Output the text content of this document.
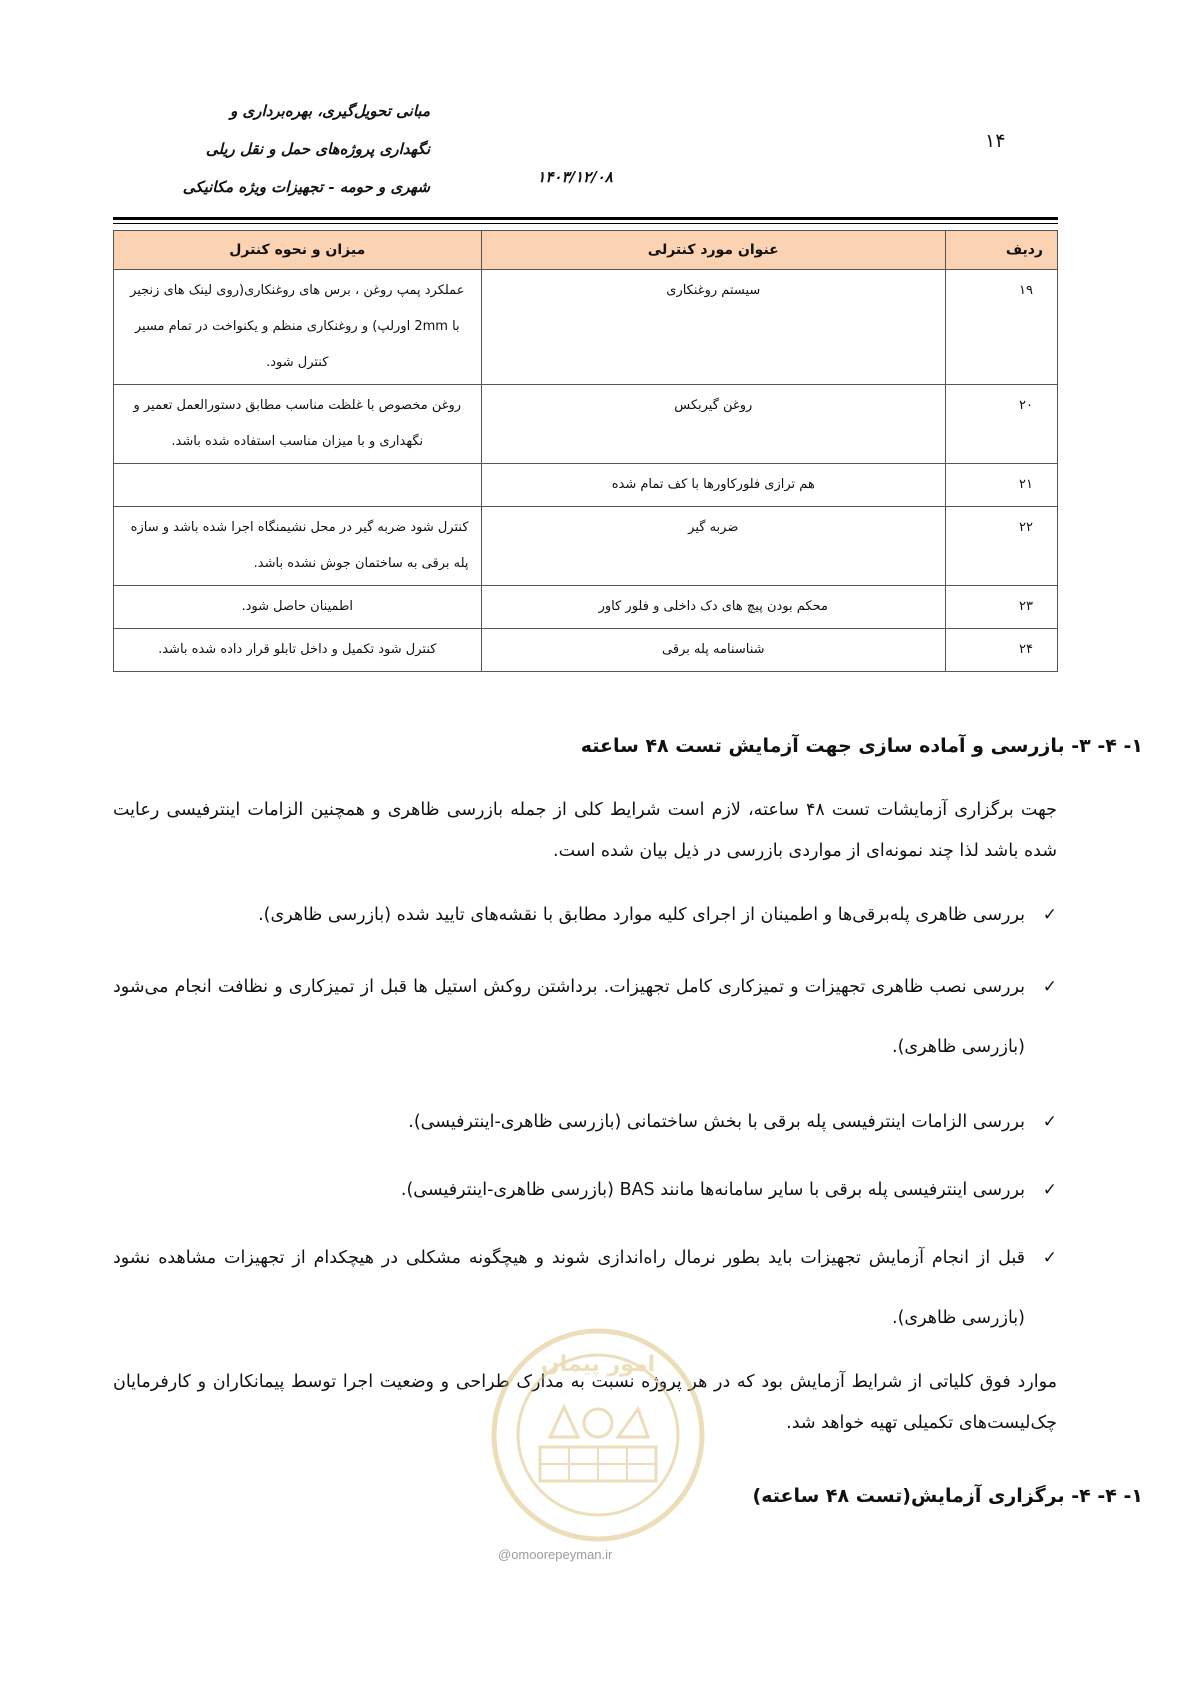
مبانی تحویل‌گیری، بهره‌برداری و
نگهداری پروژه‌های حمل و نقل ریلی
شهری و حومه - تجهیزات ویژه مکانیکی
۱۴۰۳/۱۲/۰۸
۱۴
ردیف	عنوان مورد کنترلی	میزان و نحوه کنترل
۱۹	سیستم روغنکاری	عملکرد پمپ روغن ، برس های روغنکاری(روی لینک های زنجیر با 2mm اورلپ) و روغنکاری منظم و یکنواخت در تمام مسیر کنترل شود.
۲۰	روغن گیربکس	روغن مخصوص با غلظت مناسب مطابق دستورالعمل تعمیر و نگهداری و با میزان مناسب استفاده شده باشد.
۲۱	هم ترازی فلورکاورها با کف تمام شده	
۲۲	ضربه گیر	کنترل شود ضربه گیر در محل نشیمنگاه اجرا شده باشد و سازه پله برقی به ساختمان جوش نشده باشد.
۲۳	محکم بودن پیچ های دک داخلی و فلور کاور	اطمینان حاصل شود.
۲۴	شناسنامه پله برقی	کنترل شود تکمیل و داخل تابلو قرار داده شده باشد.
۱- ۴- ۳- بازرسی و آماده سازی جهت آزمایش تست ۴۸ ساعته
جهت برگزاری آزمایشات تست ۴۸ ساعته، لازم است شرایط کلی از جمله بازرسی ظاهری و همچنین الزامات اینترفیسی رعایت شده باشد لذا چند نمونه‌ای از مواردی بازرسی در ذیل بیان شده است.
✓
بررسی ظاهری پله‌برقی‌ها و اطمینان از اجرای کلیه موارد مطابق با نقشه‌های تایید شده (بازرسی ظاهری).
✓
بررسی نصب ظاهری تجهیزات و تمیزکاری کامل تجهیزات. برداشتن روکش استیل ها قبل از تمیزکاری و نظافت انجام می‌شود (بازرسی ظاهری).
✓
بررسی الزامات اینترفیسی پله برقی با بخش ساختمانی (بازرسی ظاهری-اینترفیسی).
✓
بررسی اینترفیسی پله برقی با سایر سامانه‌ها مانند BAS (بازرسی ظاهری-اینترفیسی).
✓
قبل از انجام آزمایش تجهیزات باید بطور نرمال راه‌اندازی شوند و هیچگونه مشکلی در هیچکدام از تجهیزات مشاهده نشود (بازرسی ظاهری).
موارد فوق کلیاتی از شرایط آزمایش بود که در هر پروژه نسبت به مدارک طراحی و وضعیت اجرا توسط پیمانکاران و کارفرمایان چک‌لیست‌های تکمیلی تهیه خواهد شد.
۱- ۴- ۴- برگزاری آزمایش(تست ۴۸ ساعته)
امور پیمان
@omoorepeyman.ir
